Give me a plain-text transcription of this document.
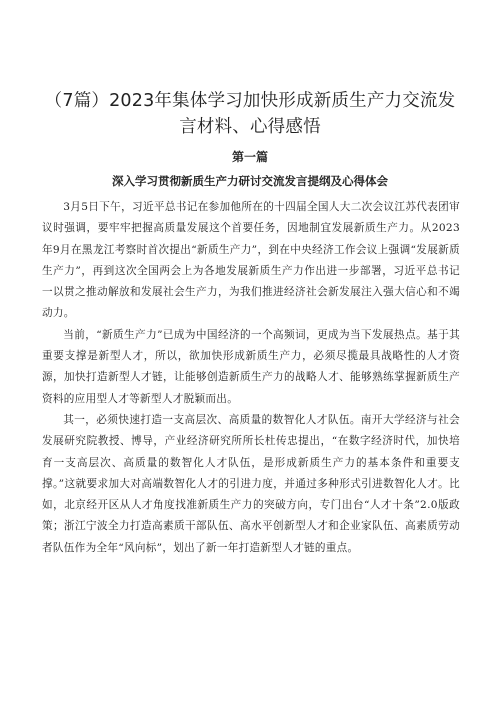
（7篇）2023年集体学习加快形成新质生产力交流发言材料、心得感悟
第一篇
深入学习贯彻新质生产力研讨交流发言提纲及心得体会

3月5日下午，习近平总书记在参加他所在的十四届全国人大二次会议江苏代表团审议时强调，要牢牢把握高质量发展这个首要任务，因地制宜发展新质生产力。从2023年9月在黑龙江考察时首次提出“新质生产力”，到在中央经济工作会议上强调“发展新质生产力”，再到这次全国两会上为各地发展新质生产力作出进一步部署，习近平总书记一以贯之推动解放和发展社会生产力，为我们推进经济社会新发展注入强大信心和不竭动力。

当前，“新质生产力”已成为中国经济的一个高频词，更成为当下发展热点。基于其重要支撑是新型人才，所以，欲加快形成新质生产力，必须尽揽最具战略性的人才资源，加快打造新型人才链，让能够创造新质生产力的战略人才、能够熟练掌握新质生产资料的应用型人才等新型人才脱颖而出。

其一，必须快速打造一支高层次、高质量的数智化人才队伍。南开大学经济与社会发展研究院教授、博导，产业经济研究所所长杜传忠提出，“在数字经济时代，加快培育一支高层次、高质量的数智化人才队伍，是形成新质生产力的基本条件和重要支撑。”这就要求加大对高端数智化人才的引进力度，并通过多种形式引进数智化人才。比如，北京经开区从人才角度找准新质生产力的突破方向，专门出台“人才十条”2.0版政策；浙江宁波全力打造高素质干部队伍、高水平创新型人才和企业家队伍、高素质劳动者队伍作为全年“风向标”，划出了新一年打造新型人才链的重点。
